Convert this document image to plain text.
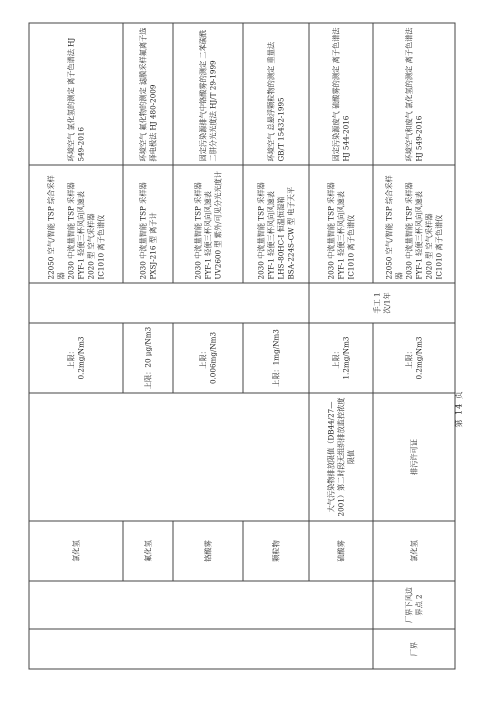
		氯化氢		上限：0.2mg/Nm3		22050 空气/智能 TSP 综合采样器 2030 中流量智能 TSP 采样器 FYF-1 轻便三杯风向风速表 2020 型 空气采样器 IC1010 离子色谱仪	环境空气 氯化氢的测定 离子色谱法 HJ 549-2016
		氟化氢		上限：20 μg/Nm3		2030 中流量智能 TSP 采样器 PXSJ-216 型 离子计	环境空气 氟化物的测定 滤膜采样氟离子选择电极法 HJ 480-2009
		铬酸雾		上限：0.006mg/Nm3		2030 中流量智能 TSP 采样器 FYF-1 轻便三杯风向风速表 UV2600 型 紫外/可见分光光度计	固定污染源排气中铬酸雾的测定 二苯碳酰二肼分光光度法 HJ/T 29-1999
		颗粒物		上限：1mg/Nm3		2030 中流量智能 TSP 采样器 FYF-1 轻便三杯风向风速表 LHS-80HC-I 恒温恒湿箱 BSA-224S-CW 型 电子天平	环境空气 总悬浮颗粒物的测定 重量法 GB/T 15432-1995
		硫酸雾	大气污染物排放限值（DB44/27—2001）第二时段无组织排放监控浓度限值	上限：1.2mg/Nm3	手工 1次/1年	2030 中流量智能 TSP 采样器 FYF-1 轻便三杯风向风速表 IC1010 离子色谱仪	固定污染源废气 硫酸雾的测定 离子色谱法 HJ 544-2016
厂界	厂界下风边界点 2	氯化氢	排污许可证	上限：0.2mg/Nm3		22050 空气/智能 TSP 综合采样器 2030 中流量智能 TSP 采样器 FYF-1 轻便三杯风向风速表 2020 型 空气采样器 IC1010 离子色谱仪	环境空气和废气 氯化氢的测定 离子色谱法 HJ 549-2016
第 14 页
